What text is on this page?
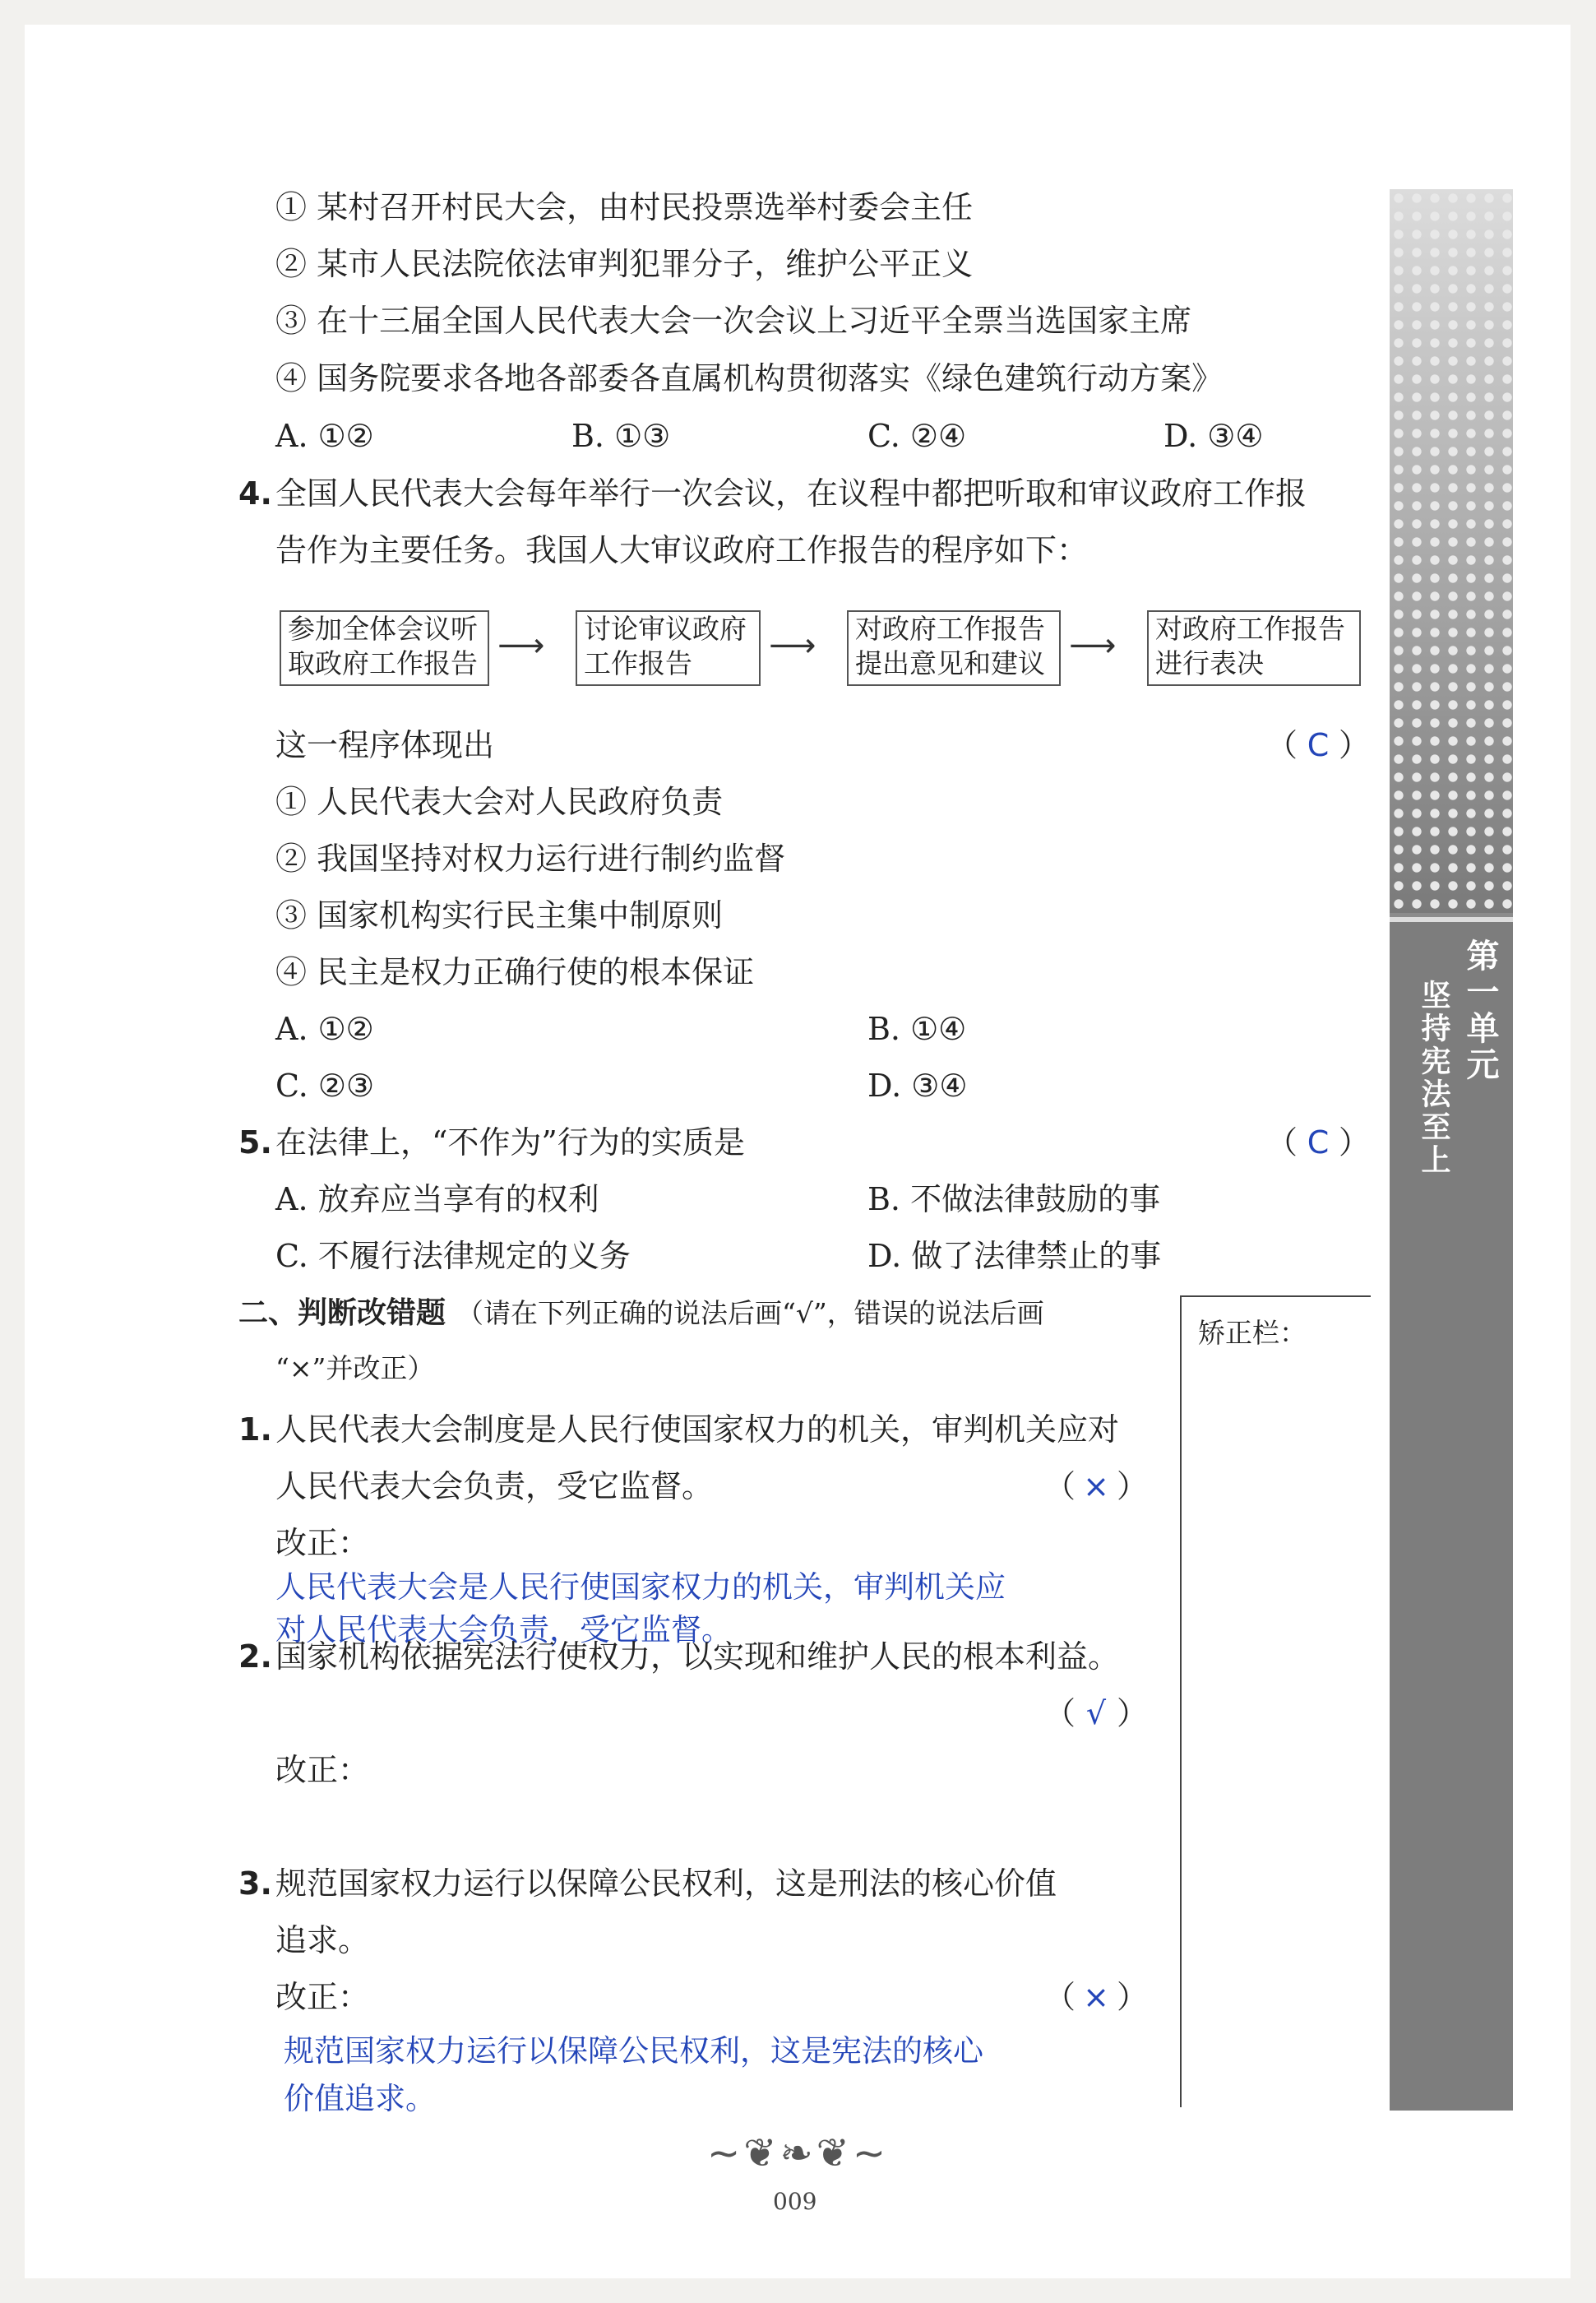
① 某村召开村民大会，由村民投票选举村委会主任
② 某市人民法院依法审判犯罪分子，维护公平正义
③ 在十三届全国人民代表大会一次会议上习近平全票当选国家主席
④ 国务院要求各地各部委各直属机构贯彻落实《绿色建筑行动方案》
A. ①②	B. ①③	C. ②④	D. ③④
4. 全国人民代表大会每年举行一次会议，在议程中都把听取和审议政府工作报
告作为主要任务。我国人大审议政府工作报告的程序如下：
参加全体会议听
取政府工作报告 ⟶ 讨论审议政府
工作报告	⟶ 对政府工作报告
提出意见和建议 ⟶ 对政府工作报告
进行表决
这一程序体现出	（ C ）
① 人民代表大会对人民政府负责
② 我国坚持对权力运行进行制约监督
③ 国家机构实行民主集中制原则
④ 民主是权力正确行使的根本保证
A. ①②	B. ①④
C. ②③	D. ③④
5. 在法律上，“不作为”行为的实质是	（ C ）
A. 放弃应当享有的权利	B. 不做法律鼓励的事
C. 不履行法律规定的义务	D. 做了法律禁止的事
二、判断改错题 （请在下列正确的说法后画“√”，错误的说法后画
“×”并改正）
矫正栏：
1. 人民代表大会制度是人民行使国家权力的机关，审判机关应对
人民代表大会负责，受它监督。	（ × ）
改正：
人民代表大会是人民行使国家权力的机关，审判机关应
对人民代表大会负责，受它监督。
2. 国家机构依据宪法行使权力，以实现和维护人民的根本利益。
（ √ ）
改正：
3. 规范国家权力运行以保障公民权利，这是刑法的核心价值
追求。
改正：	（ × ）
规范国家权力运行以保障公民权利，这是宪法的核心
价值追求。
第一单元
坚持宪法至上
~❦❧❦~
009
